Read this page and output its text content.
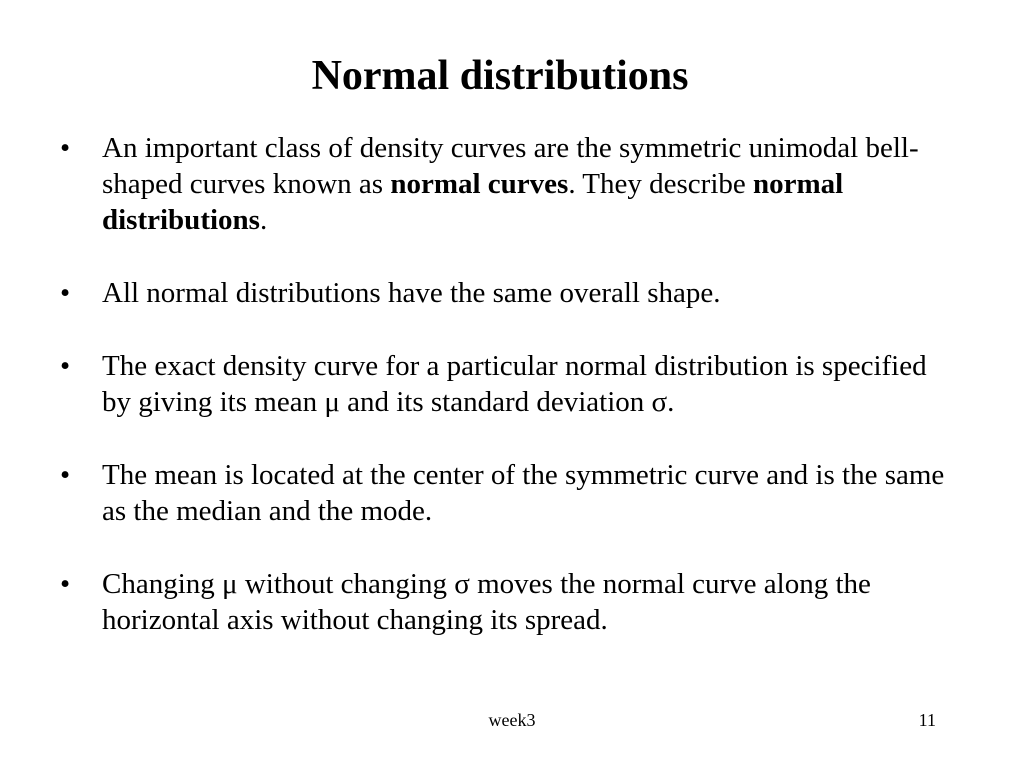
Normal distributions
• An important class of density curves are the symmetric unimodal bell-shaped curves known as normal curves. They describe normal distributions.
• All normal distributions have the same overall shape.
• The exact density curve for a particular normal distribution is specified by giving its mean μ and its standard deviation σ.
• The mean is located at the center of the symmetric curve and is the same as the median and the mode.
• Changing μ without changing σ moves the normal curve along the horizontal axis without changing its spread.
week3	11
